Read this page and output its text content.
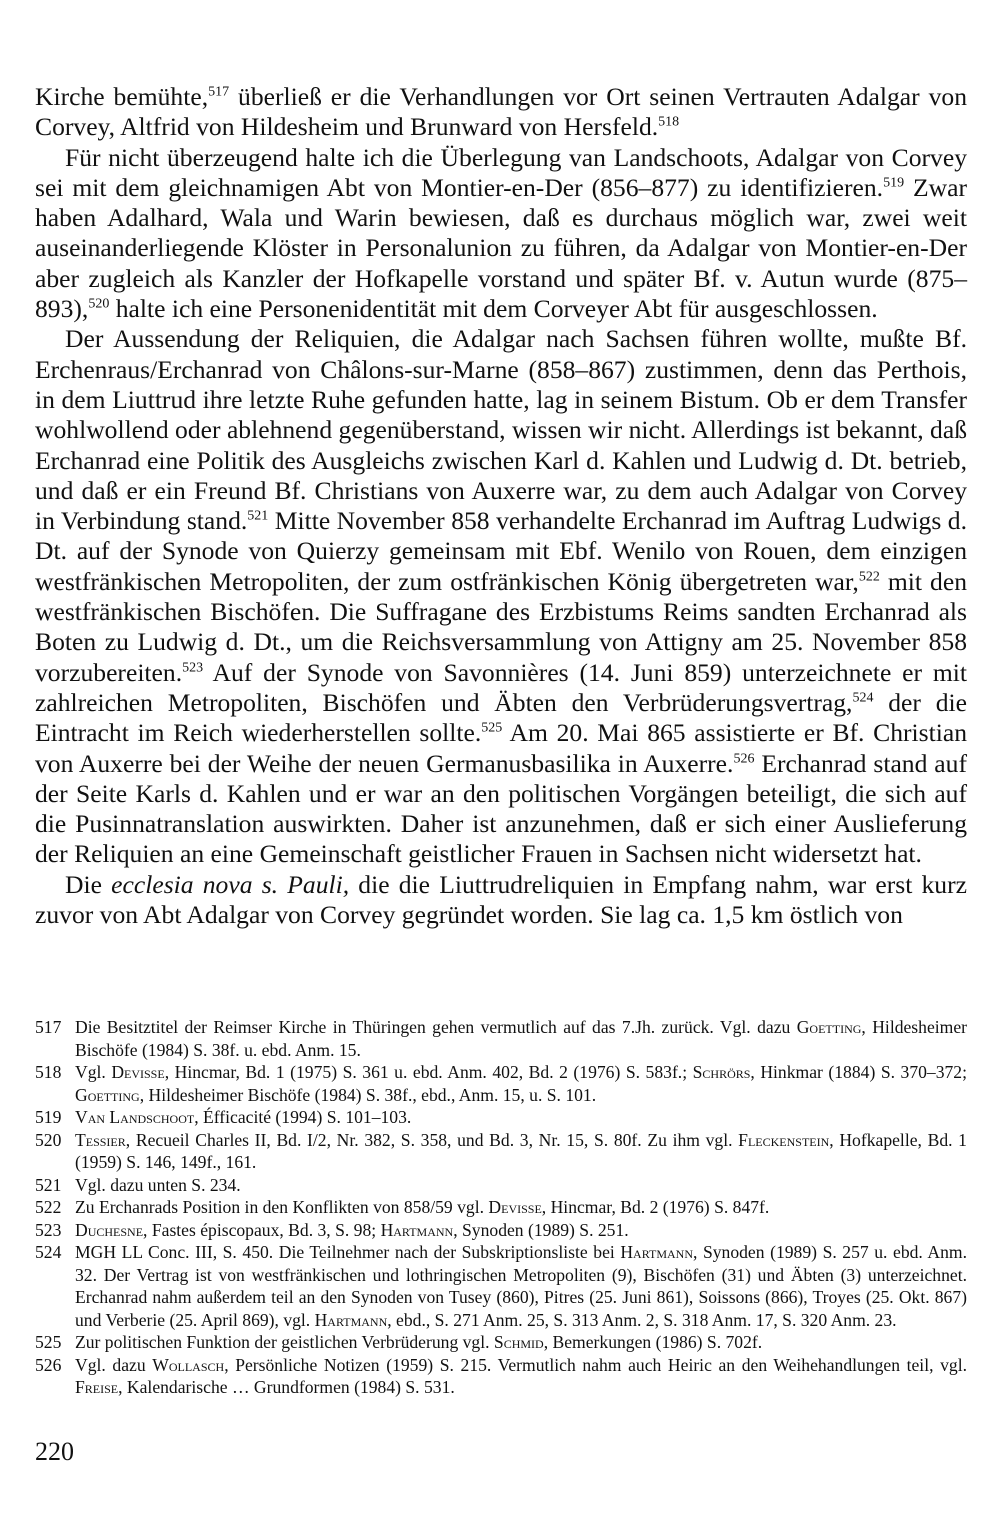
Kirche bemühte,$^{517}$ überließ er die Verhandlungen vor Ort seinen Vertrauten Adalgar von Corvey, Altfrid von Hildesheim und Brunward von Hersfeld.$^{518}$

Für nicht überzeugend halte ich die Überlegung van Landschoots, Adalgar von Corvey sei mit dem gleichnamigen Abt von Montier-en-Der (856–877) zu identifizieren.$^{519}$ Zwar haben Adalhard, Wala und Warin bewiesen, daß es durchaus möglich war, zwei weit auseinanderliegende Klöster in Personalunion zu führen, da Adalgar von Montier-en-Der aber zugleich als Kanzler der Hofkapelle vorstand und später Bf. v. Autun wurde (875–893),$^{520}$ halte ich eine Personenidentität mit dem Corveyer Abt für ausgeschlossen.

Der Aussendung der Reliquien, die Adalgar nach Sachsen führen wollte, mußte Bf. Erchenraus/Erchanrad von Châlons-sur-Marne (858–867) zustimmen, denn das Perthois, in dem Liuttrud ihre letzte Ruhe gefunden hatte, lag in seinem Bistum. Ob er dem Transfer wohlwollend oder ablehnend gegenüberstand, wissen wir nicht. Allerdings ist bekannt, daß Erchanrad eine Politik des Ausgleichs zwischen Karl d. Kahlen und Ludwig d. Dt. betrieb, und daß er ein Freund Bf. Christians von Auxerre war, zu dem auch Adalgar von Corvey in Verbindung stand.$^{521}$ Mitte November 858 verhandelte Erchanrad im Auftrag Ludwigs d. Dt. auf der Synode von Quierzy gemeinsam mit Ebf. Wenilo von Rouen, dem einzigen westfränkischen Metropoliten, der zum ostfränkischen König übergetreten war,$^{522}$ mit den westfränkischen Bischöfen. Die Suffragane des Erzbistums Reims sandten Erchanrad als Boten zu Ludwig d. Dt., um die Reichsversammlung von Attigny am 25. November 858 vorzubereiten.$^{523}$ Auf der Synode von Savonnières (14. Juni 859) unterzeichnete er mit zahlreichen Metropoliten, Bischöfen und Äbten den Verbrüderungsvertrag,$^{524}$ der die Eintracht im Reich wiederherstellen sollte.$^{525}$ Am 20. Mai 865 assistierte er Bf. Christian von Auxerre bei der Weihe der neuen Germanusbasilika in Auxerre.$^{526}$ Erchanrad stand auf der Seite Karls d. Kahlen und er war an den politischen Vorgängen beteiligt, die sich auf die Pusinnatranslation auswirkten. Daher ist anzunehmen, daß er sich einer Auslieferung der Reliquien an eine Gemeinschaft geistlicher Frauen in Sachsen nicht widersetzt hat.

Die ecclesia nova s. Pauli, die die Liuttrudreliquien in Empfang nahm, war erst kurz zuvor von Abt Adalgar von Corvey gegründet worden. Sie lag ca. 1,5 km östlich von

517 Die Besitztitel der Reimser Kirche in Thüringen gehen vermutlich auf das 7.Jh. zurück. Vgl. dazu Goetting, Hildesheimer Bischöfe (1984) S. 38f. u. ebd. Anm. 15.
518 Vgl. Devisse, Hincmar, Bd. 1 (1975) S. 361 u. ebd. Anm. 402, Bd. 2 (1976) S. 583f.; Schrörs, Hinkmar (1884) S. 370–372; Goetting, Hildesheimer Bischöfe (1984) S. 38f., ebd., Anm. 15, u. S. 101.
519 Van Landschoot, Éfficacité (1994) S. 101–103.
520 Tessier, Recueil Charles II, Bd. I/2, Nr. 382, S. 358, und Bd. 3, Nr. 15, S. 80f. Zu ihm vgl. Fleckenstein, Hofkapelle, Bd. 1 (1959) S. 146, 149f., 161.
521 Vgl. dazu unten S. 234.
522 Zu Erchanrads Position in den Konflikten von 858/59 vgl. Devisse, Hincmar, Bd. 2 (1976) S. 847f.
523 Duchesne, Fastes épiscopaux, Bd. 3, S. 98; Hartmann, Synoden (1989) S. 251.
524 MGH LL Conc. III, S. 450. Die Teilnehmer nach der Subskriptionsliste bei Hartmann, Synoden (1989) S. 257 u. ebd. Anm. 32. Der Vertrag ist von westfränkischen und lothringischen Metropoliten (9), Bischöfen (31) und Äbten (3) unterzeichnet. Erchanrad nahm außerdem teil an den Synoden von Tusey (860), Pitres (25. Juni 861), Soissons (866), Troyes (25. Okt. 867) und Verberie (25. April 869), vgl. Hartmann, ebd., S. 271 Anm. 25, S. 313 Anm. 2, S. 318 Anm. 17, S. 320 Anm. 23.
525 Zur politischen Funktion der geistlichen Verbrüderung vgl. Schmid, Bemerkungen (1986) S. 702f.
526 Vgl. dazu Wollasch, Persönliche Notizen (1959) S. 215. Vermutlich nahm auch Heiric an den Weihehandlungen teil, vgl. Freise, Kalendarische … Grundformen (1984) S. 531.
220
